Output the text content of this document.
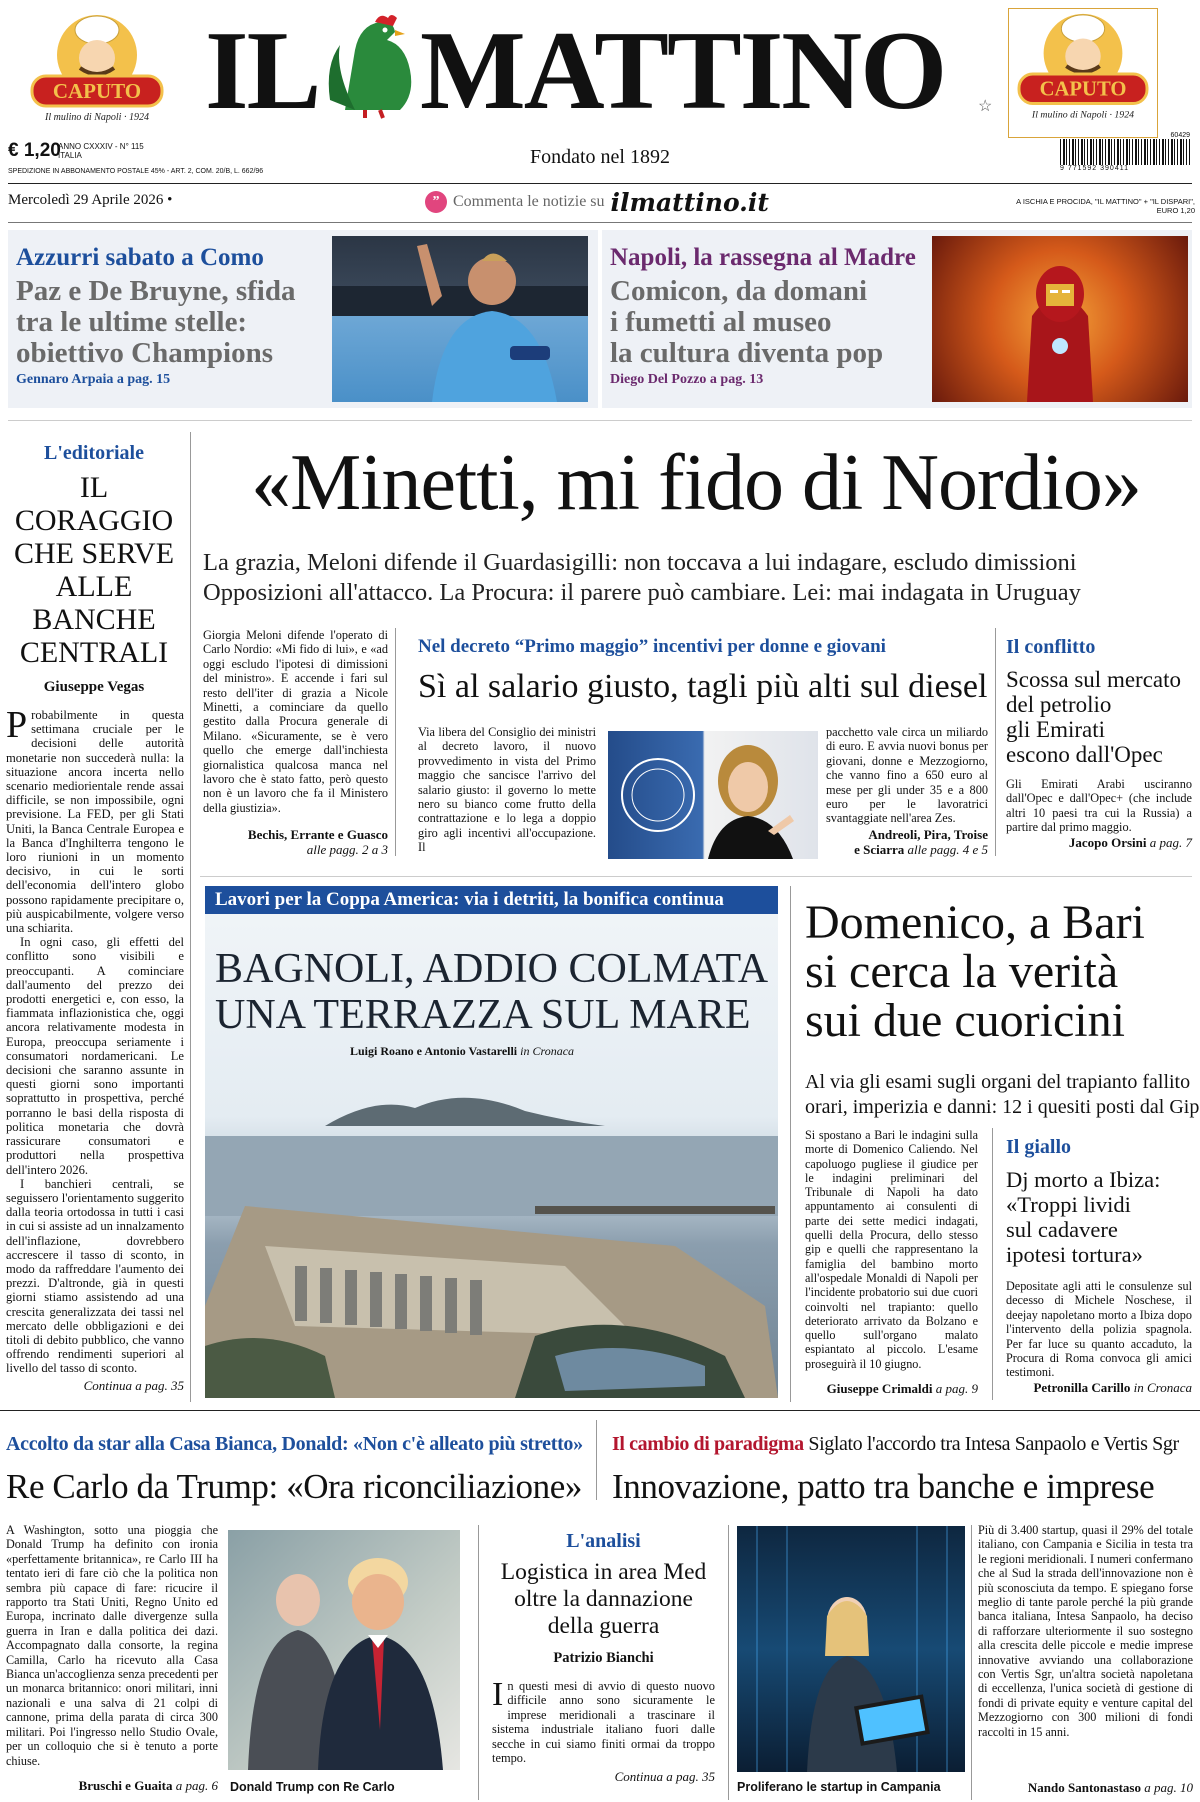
CAPUTO
Il mulino di Napoli · 1924 IL MATTINO ☆
CAPUTO
Il mulino di Napoli · 1924
€ 1,20
ANNO CXXXIV - N° 115
ITALIA
SPEDIZIONE IN ABBONAMENTO POSTALE 45% - ART. 2, COM. 20/B, L. 662/96
Fondato nel 1892
60429
9 771592 390411
Mercoledì 29 Aprile 2026 •	” Commenta le notizie su ilmattino.it	A ISCHIA E PROCIDA, "IL MATTINO" + "IL DISPARI", EURO 1,20
Azzurri sabato a Como
Paz e De Bruyne, sfida
tra le ultime stelle:
obiettivo Champions
Gennaro Arpaia a pag. 15
Napoli, la rassegna al Madre
Comicon, da domani
i fumetti al museo
la cultura diventa pop
Diego Del Pozzo a pag. 13
L'editoriale
IL CORAGGIO
CHE SERVE
ALLE BANCHE
CENTRALI
Giuseppe Vegas
Probabilmente in questa settimana cruciale per le decisioni delle autorità monetarie non succederà nulla: la situazione ancora incerta nello scenario mediorientale rende assai difficile, se non impossibile, ogni previsione. La FED, per gli Stati Uniti, la Banca Centrale Europea e la Banca d'Inghilterra tengono le loro riunioni in un momento decisivo, in cui le sorti dell'economia dell'intero globo possono rapidamente precipitare o, più auspicabilmente, volgere verso una schiarita.

In ogni caso, gli effetti del conflitto sono visibili e preoccupanti. A cominciare dall'aumento del prezzo dei prodotti energetici e, con esso, la fiammata inflazionistica che, oggi ancora relativamente modesta in Europa, preoccupa seriamente i consumatori nordamericani. Le decisioni che saranno assunte in questi giorni sono importanti soprattutto in prospettiva, perché porranno le basi della risposta di politica monetaria che dovrà rassicurare consumatori e produttori nella prospettiva dell'intero 2026.

I banchieri centrali, se seguissero l'orientamento suggerito dalla teoria ortodossa in tutti i casi in cui si assiste ad un innalzamento dell'inflazione, dovrebbero accrescere il tasso di sconto, in modo da raffreddare l'aumento dei prezzi. D'altronde, già in questi giorni stiamo assistendo ad una crescita generalizzata dei tassi nel mercato delle obbligazioni e dei titoli di debito pubblico, che vanno offrendo rendimenti superiori al livello del tasso di sconto.

Continua a pag. 35
«Minetti, mi fido di Nordio»
La grazia, Meloni difende il Guardasigilli: non toccava a lui indagare, escludo dimissioni
Opposizioni all'attacco. La Procura: il parere può cambiare. Lei: mai indagata in Uruguay
Giorgia Meloni difende l'operato di Carlo Nordio: «Mi fido di lui», e «ad oggi escludo l'ipotesi di dimissioni del ministro». E accende i fari sul resto dell'iter di grazia a Nicole Minetti, a cominciare da quello gestito dalla Procura generale di Milano. «Sicuramente, se è vero quello che emerge dall'inchiesta giornalistica qualcosa manca nel lavoro che è stato fatto, però questo non è un lavoro che fa il Ministero della giustizia».
Bechis, Errante e Guasco
alle pagg. 2 a 3
Nel decreto “Primo maggio” incentivi per donne e giovani
Sì al salario giusto, tagli più alti sul diesel
Via libera del Consiglio dei ministri al decreto lavoro, il nuovo provvedimento in vista del Primo maggio che sancisce l'arrivo del salario giusto: il governo lo mette nero su bianco come frutto della contrattazione e lo lega a doppio giro agli incentivi all'occupazione. Il
pacchetto vale circa un miliardo di euro. E avvia nuovi bonus per giovani, donne e Mezzogiorno, che vanno fino a 650 euro al mese per gli under 35 e a 800 euro per le lavoratrici svantaggiate nell'area Zes.
Andreoli, Pira, Troise
e Sciarra alle pagg. 4 e 5
Il conflitto
Scossa sul mercato
del petrolio
gli Emirati
escono dall'Opec
Gli Emirati Arabi usciranno dall'Opec e dall'Opec+ (che include altri 10 paesi tra cui la Russia) a partire dal primo maggio.
Jacopo Orsini a pag. 7
Lavori per la Coppa America: via i detriti, la bonifica continua
BAGNOLI, ADDIO COLMATA
UNA TERRAZZA SUL MARE
Luigi Roano e Antonio Vastarelli in Cronaca
Domenico, a Bari
si cerca la verità
sui due cuoricini
Al via gli esami sugli organi del trapianto fallito
orari, imperizia e danni: 12 i quesiti posti dal Gip
Si spostano a Bari le indagini sulla morte di Domenico Caliendo. Nel capoluogo pugliese il giudice per le indagini preliminari del Tribunale di Napoli ha dato appuntamento ai consulenti di parte dei sette medici indagati, quelli della Procura, dello stesso gip e quelli che rappresentano la famiglia del bambino morto all'ospedale Monaldi di Napoli per l'incidente probatorio sui due cuori coinvolti nel trapianto: quello deteriorato arrivato da Bolzano e quello sull'organo malato espiantato al piccolo. L'esame proseguirà il 10 giugno.
Giuseppe Crimaldi a pag. 9
Il giallo
Dj morto a Ibiza:
«Troppi lividi
sul cadavere
ipotesi tortura»
Depositate agli atti le consulenze sul decesso di Michele Noschese, il deejay napoletano morto a Ibiza dopo l'intervento della polizia spagnola. Per far luce su quanto accaduto, la Procura di Roma convoca gli amici testimoni.
Petronilla Carillo in Cronaca
Accolto da star alla Casa Bianca, Donald: «Non c'è alleato più stretto»
Re Carlo da Trump: «Ora riconciliazione»
A Washington, sotto una pioggia che Donald Trump ha definito con ironia «perfettamente britannica», re Carlo III ha tentato ieri di fare ciò che la politica non sembra più capace di fare: ricucire il rapporto tra Stati Uniti, Regno Unito ed Europa, incrinato dalle divergenze sulla guerra in Iran e dalla politica dei dazi. Accompagnato dalla consorte, la regina Camilla, Carlo ha ricevuto alla Casa Bianca un'accoglienza senza precedenti per un monarca britannico: onori militari, inni nazionali e una salva di 21 colpi di cannone, prima della parata di circa 300 militari. Poi l'ingresso nello Studio Ovale, per un colloquio che si è tenuto a porte chiuse.
Bruschi e Guaita a pag. 6 Donald Trump con Re Carlo
L'analisi
Logistica in area Med
oltre la dannazione
della guerra
Patrizio Bianchi
In questi mesi di avvio di questo nuovo difficile anno sono sicuramente le imprese meridionali a trascinare il sistema industriale italiano fuori dalle secche in cui siamo finiti ormai da troppo tempo.
Continua a pag. 35
Il cambio di paradigma Siglato l'accordo tra Intesa Sanpaolo e Vertis Sgr
Innovazione, patto tra banche e imprese
Proliferano le startup in Campania
Più di 3.400 startup, quasi il 29% del totale italiano, con Campania e Sicilia in testa tra le regioni meridionali. I numeri confermano che al Sud la strada dell'innovazione non è più sconosciuta da tempo. E spiegano forse meglio di tante parole perché la più grande banca italiana, Intesa Sanpaolo, ha deciso di rafforzare ulteriormente il suo sostegno alla crescita delle piccole e medie imprese innovative avviando una collaborazione con Vertis Sgr, un'altra società napoletana di eccellenza, l'unica società di gestione di fondi di private equity e venture capital del Mezzogiorno con 300 milioni di fondi raccolti in 15 anni.
Nando Santonastaso a pag. 10
